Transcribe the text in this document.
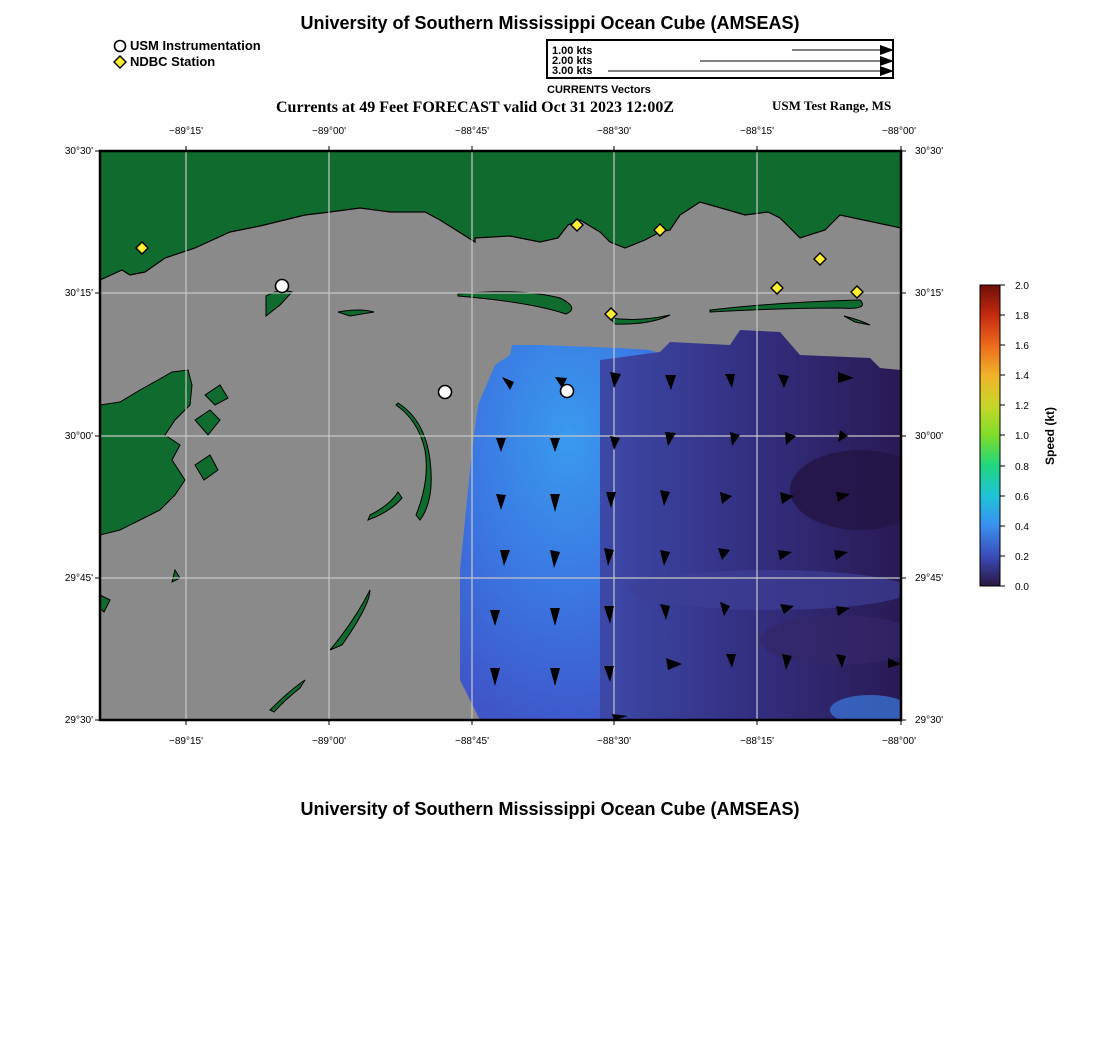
University of Southern Mississippi Ocean Cube (AMSEAS)
USM Instrumentation
NDBC Station
1.00 kts
2.00 kts
3.00 kts
CURRENTS Vectors
Currents at 49 Feet FORECAST valid Oct 31 2023 12:00Z	USM Test Range, MS
−89°15'	−89°00'	−88°45'	−88°30'	−88°15'	−88°00'
−89°15'	−89°00'	−88°45'	−88°30'	−88°15'	−88°00'
30°30'
30°15'
30°00'
29°45'
29°30'
30°30'
30°15'
30°00'
29°45'
29°30'
2.0
1.8
1.6
1.4
1.2
1.0
0.8
0.6
0.4
0.2
0.0
Speed (kt)
University of Southern Mississippi Ocean Cube (AMSEAS)
